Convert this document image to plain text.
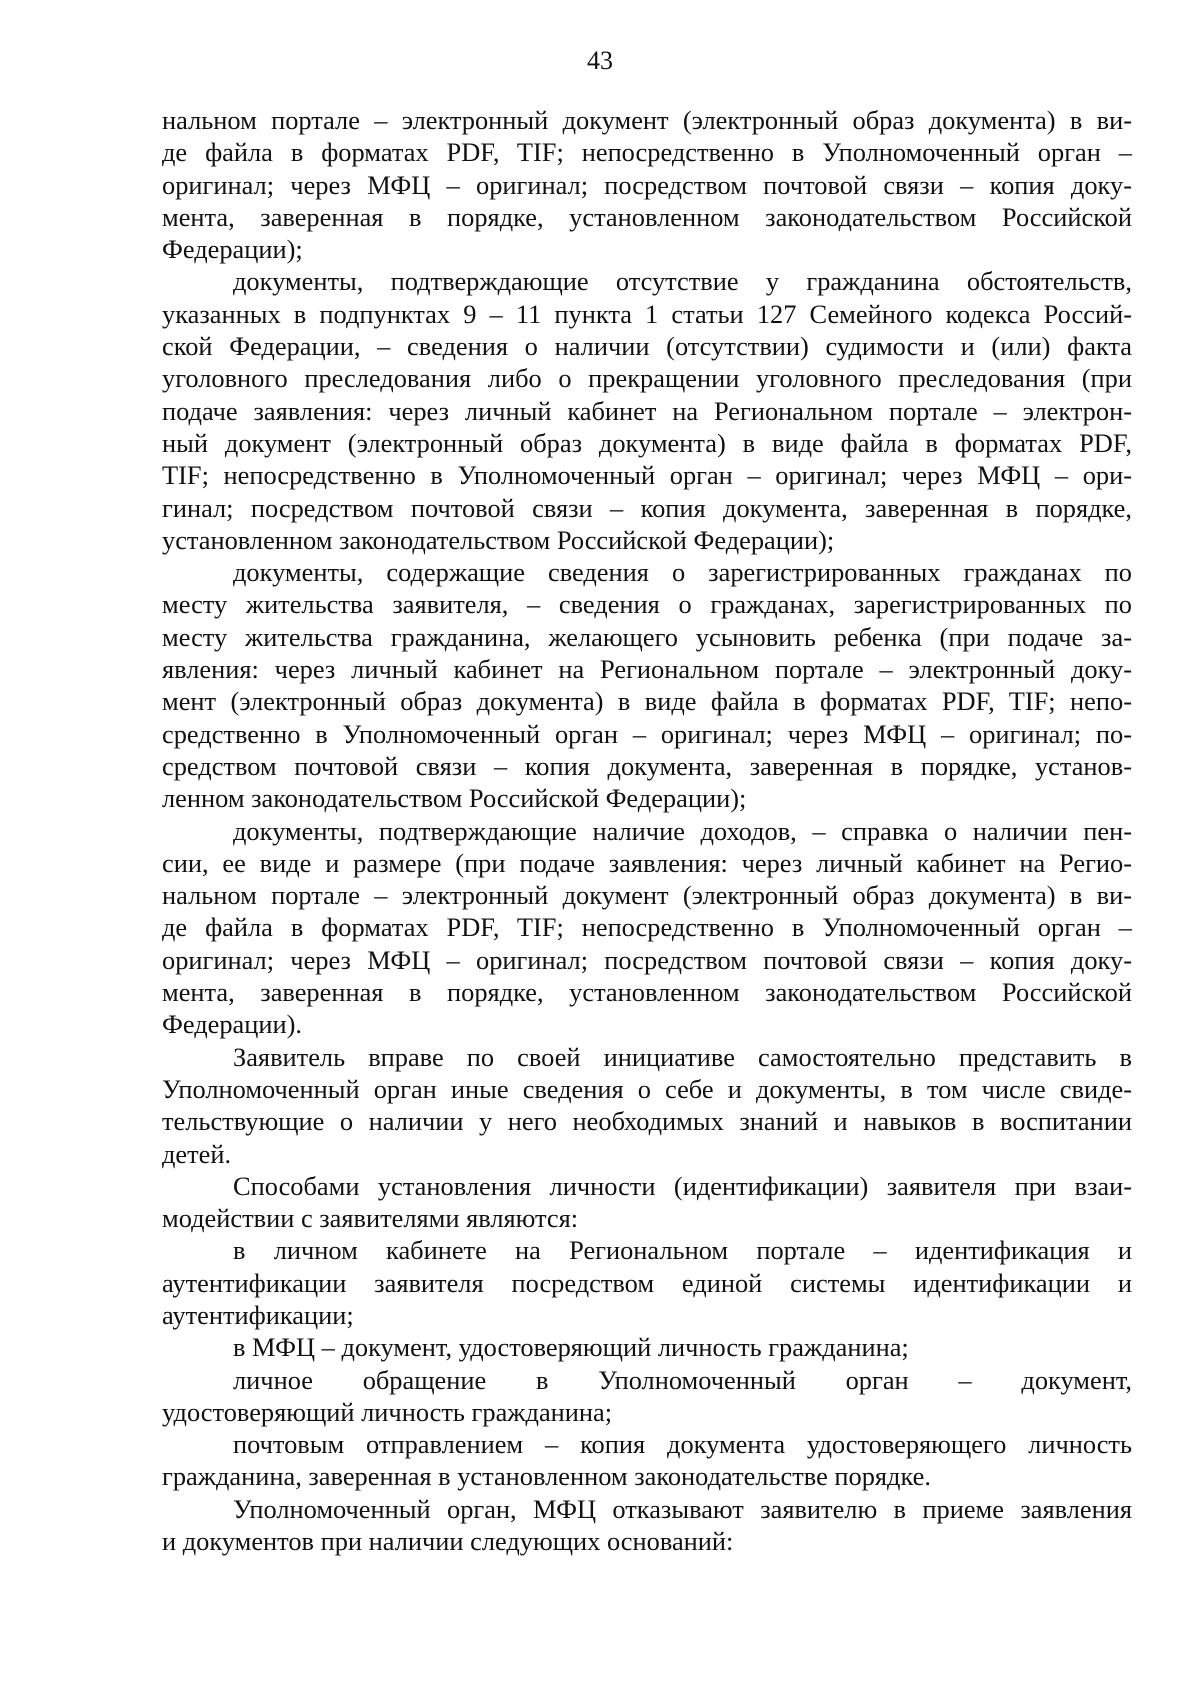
43
нальном портале – электронный документ (электронный образ документа) в ви-
де файла в форматах PDF, TIF; непосредственно в Уполномоченный орган –
оригинал; через МФЦ – оригинал; посредством почтовой связи – копия доку-
мента, заверенная в порядке, установленном законодательством Российской
Федерации);
документы, подтверждающие отсутствие у гражданина обстоятельств,
указанных в подпунктах 9 – 11 пункта 1 статьи 127 Семейного кодекса Россий-
ской Федерации, – сведения о наличии (отсутствии) судимости и (или) факта
уголовного преследования либо о прекращении уголовного преследования (при
подаче заявления: через личный кабинет на Региональном портале – электрон-
ный документ (электронный образ документа) в виде файла в форматах PDF,
TIF; непосредственно в Уполномоченный орган – оригинал; через МФЦ – ори-
гинал; посредством почтовой связи – копия документа, заверенная в порядке,
установленном законодательством Российской Федерации);
документы, содержащие сведения о зарегистрированных гражданах по
месту жительства заявителя, – сведения о гражданах, зарегистрированных по
месту жительства гражданина, желающего усыновить ребенка (при подаче за-
явления: через личный кабинет на Региональном портале – электронный доку-
мент (электронный образ документа) в виде файла в форматах PDF, TIF; непо-
средственно в Уполномоченный орган – оригинал; через МФЦ – оригинал; по-
средством почтовой связи – копия документа, заверенная в порядке, установ-
ленном законодательством Российской Федерации);
документы, подтверждающие наличие доходов, – справка о наличии пен-
сии, ее виде и размере (при подаче заявления: через личный кабинет на Регио-
нальном портале – электронный документ (электронный образ документа) в ви-
де файла в форматах PDF, TIF; непосредственно в Уполномоченный орган –
оригинал; через МФЦ – оригинал; посредством почтовой связи – копия доку-
мента, заверенная в порядке, установленном законодательством Российской
Федерации).
Заявитель вправе по своей инициативе самостоятельно представить в
Уполномоченный орган иные сведения о себе и документы, в том числе свиде-
тельствующие о наличии у него необходимых знаний и навыков в воспитании
детей.
Способами установления личности (идентификации) заявителя при взаи-
модействии с заявителями являются:
в личном кабинете на Региональном портале – идентификация и
аутентификации заявителя посредством единой системы идентификации и
аутентификации;
в МФЦ – документ, удостоверяющий личность гражданина;
личное обращение в Уполномоченный орган – документ,
удостоверяющий личность гражданина;
почтовым отправлением – копия документа удостоверяющего личность
гражданина, заверенная в установленном законодательстве порядке.
Уполномоченный орган, МФЦ отказывают заявителю в приеме заявления
и документов при наличии следующих оснований:
